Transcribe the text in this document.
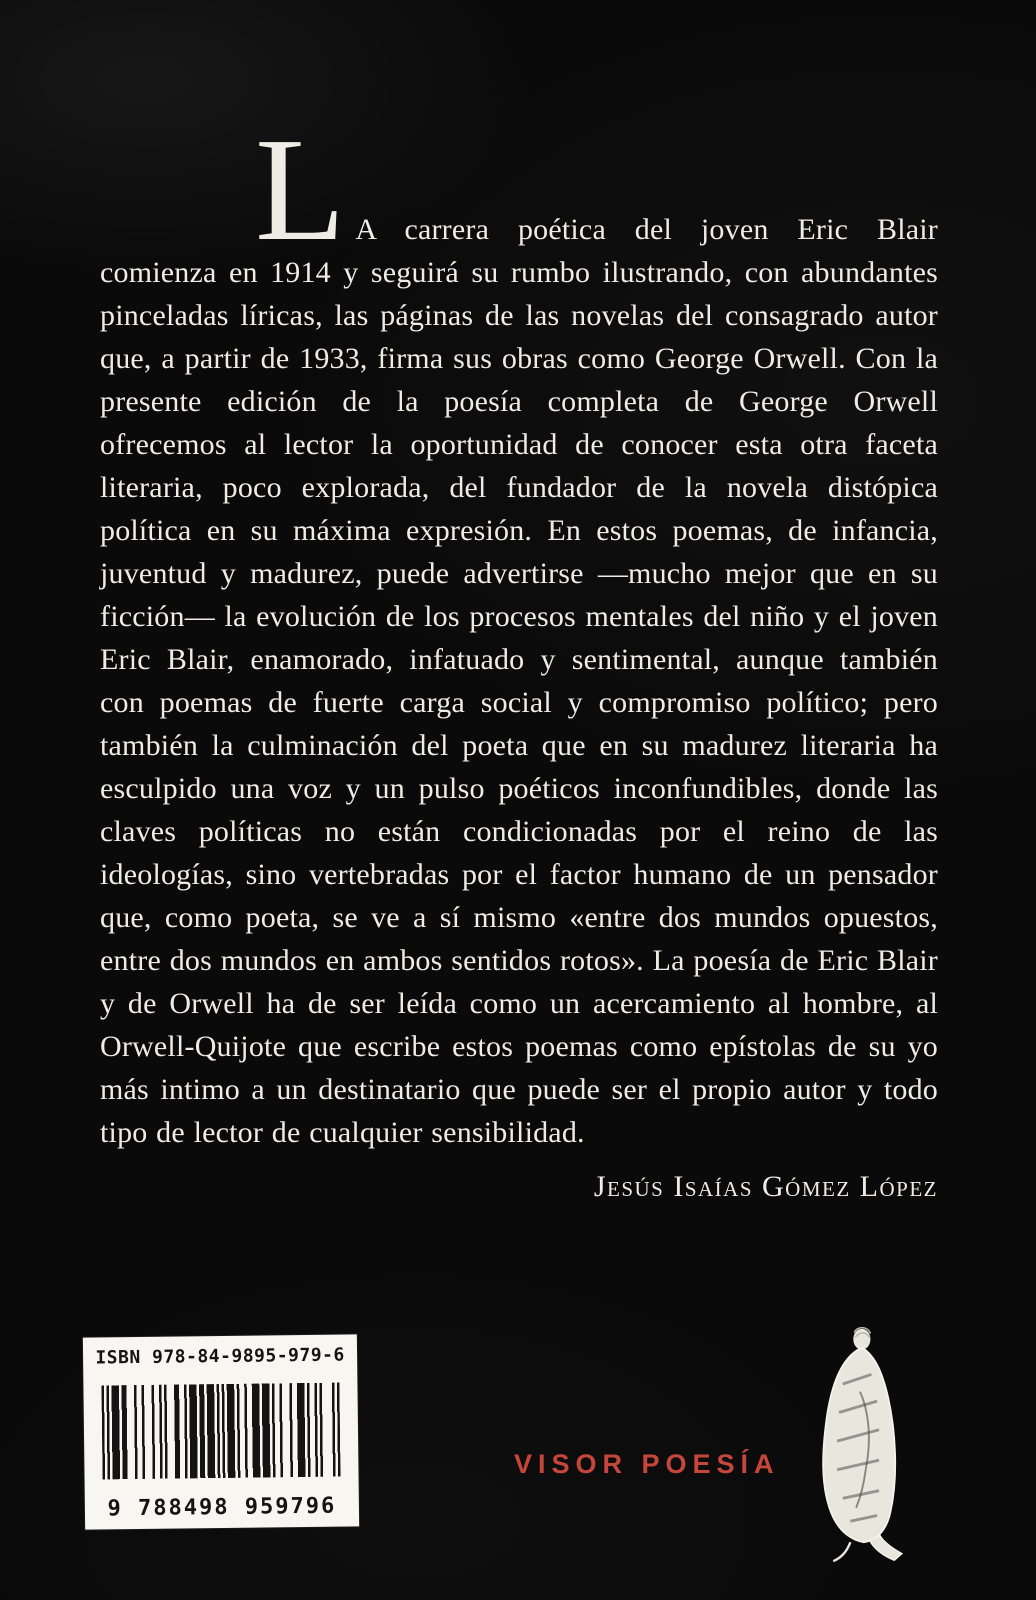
L A carrera poética del joven Eric Blair comienza en 1914 y seguirá su rumbo ilustrando, con abundantes pinceladas líricas, las páginas de las novelas del consagrado autor que, a partir de 1933, firma sus obras como George Orwell. Con la presente edición de la poesía completa de George Orwell ofrecemos al lector la oportunidad de conocer esta otra faceta literaria, poco explorada, del fundador de la novela distópica política en su máxima expresión. En estos poemas, de infancia, juventud y madurez, puede advertirse —mucho mejor que en su ficción— la evolución de los procesos mentales del niño y el joven Eric Blair, enamorado, infatuado y sentimental, aunque también con poemas de fuerte carga social y compromiso político; pero también la culminación del poeta que en su madurez literaria ha esculpido una voz y un pulso poéticos inconfundibles, donde las claves políticas no están condicionadas por el reino de las ideologías, sino vertebradas por el factor humano de un pensador que, como poeta, se ve a sí mismo «entre dos mundos opuestos, entre dos mundos en ambos sentidos rotos». La poesía de Eric Blair y de Orwell ha de ser leída como un acercamiento al hombre, al Orwell-Quijote que escribe estos poemas como epístolas de su yo más intimo a un destinatario que puede ser el propio autor y todo tipo de lector de cualquier sensibilidad.

Jesús Isaías Gómez López
ISBN 978-84-9895-979-6
9 788498 959796
VISOR POESÍA
